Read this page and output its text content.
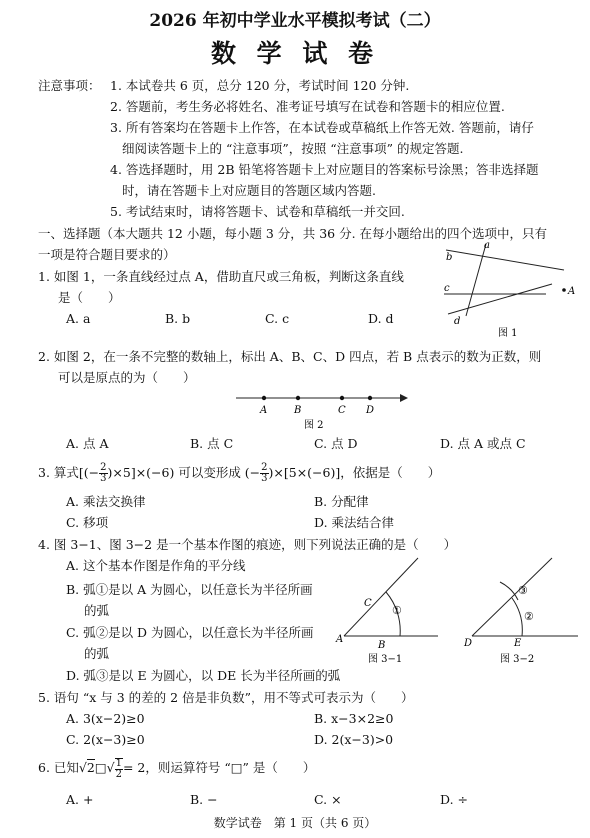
2026 年初中学业水平模拟考试（二）
数 学 试 卷
注意事项： 1. 本试卷共 6 页，总分 120 分，考试时间 120 分钟.
2. 答题前，考生务必将姓名、准考证号填写在试卷和答题卡的相应位置.
3. 所有答案均在答题卡上作答，在本试卷或草稿纸上作答无效. 答题前，请仔
细阅读答题卡上的 “注意事项”，按照 “注意事项” 的规定答题.
4. 答选择题时，用 2B 铅笔将答题卡上对应题目的答案标号涂黑；答非选择题
时，请在答题卡上对应题目的答题区域内答题.
5. 考试结束时，请将答题卡、试卷和草稿纸一并交回.
一、选择题（本大题共 12 小题，每小题 3 分，共 36 分. 在每小题给出的四个选项中，只有
一项是符合题目要求的）
1. 如图 1，一条直线经过点 A，借助直尺或三角板，判断这条直线
是（　　）
A. a	B. b	C. c	D. d
a
b
c
d
A
图 1
2. 如图 2，在一条不完整的数轴上，标出 A、B、C、D 四点，若 B 点表示的数为正数，则
可以是原点的为（　　）
A	B	C D
图 2
A. 点 A	B. 点 C	C. 点 D	D. 点 A 或点 C
3. 算式[(− $\frac{2}{3} )\times 5]\times(-6)$ 可以变形成 (− $\frac{2}{3} )\times[5\times(-6)]$，依据是（　　）
A. 乘法交换律	B. 分配律
C. 移项	D. 乘法结合律
4. 图 3−1、图 3−2 是一个基本作图的痕迹，则下列说法正确的是（　　）
A. 这个基本作图是作角的平分线
B. 弧①是以 A 为圆心，以任意长为半径所画
的弧
C. 弧②是以 D 为圆心，以任意长为半径所画
的弧
D. 弧③是以 E 为圆心，以 DE 长为半径所画的弧
A
B
C
①
图 3−1
D	E
③
②
图 3−2
5. 语句 “x 与 3 的差的 2 倍是非负数”，用不等式可表示为（　　）
A. 3(x−2)≥0	B. x−3×2≥0
C. 2(x−3)≥0	D. 2(x−3)>0
6. 已知√2□√ $\frac{1}{2} = 2$，则运算符号 “□” 是（　　）
A. +	B. −	C. ×	D. ÷
数学试卷　第 1 页（共 6 页）
